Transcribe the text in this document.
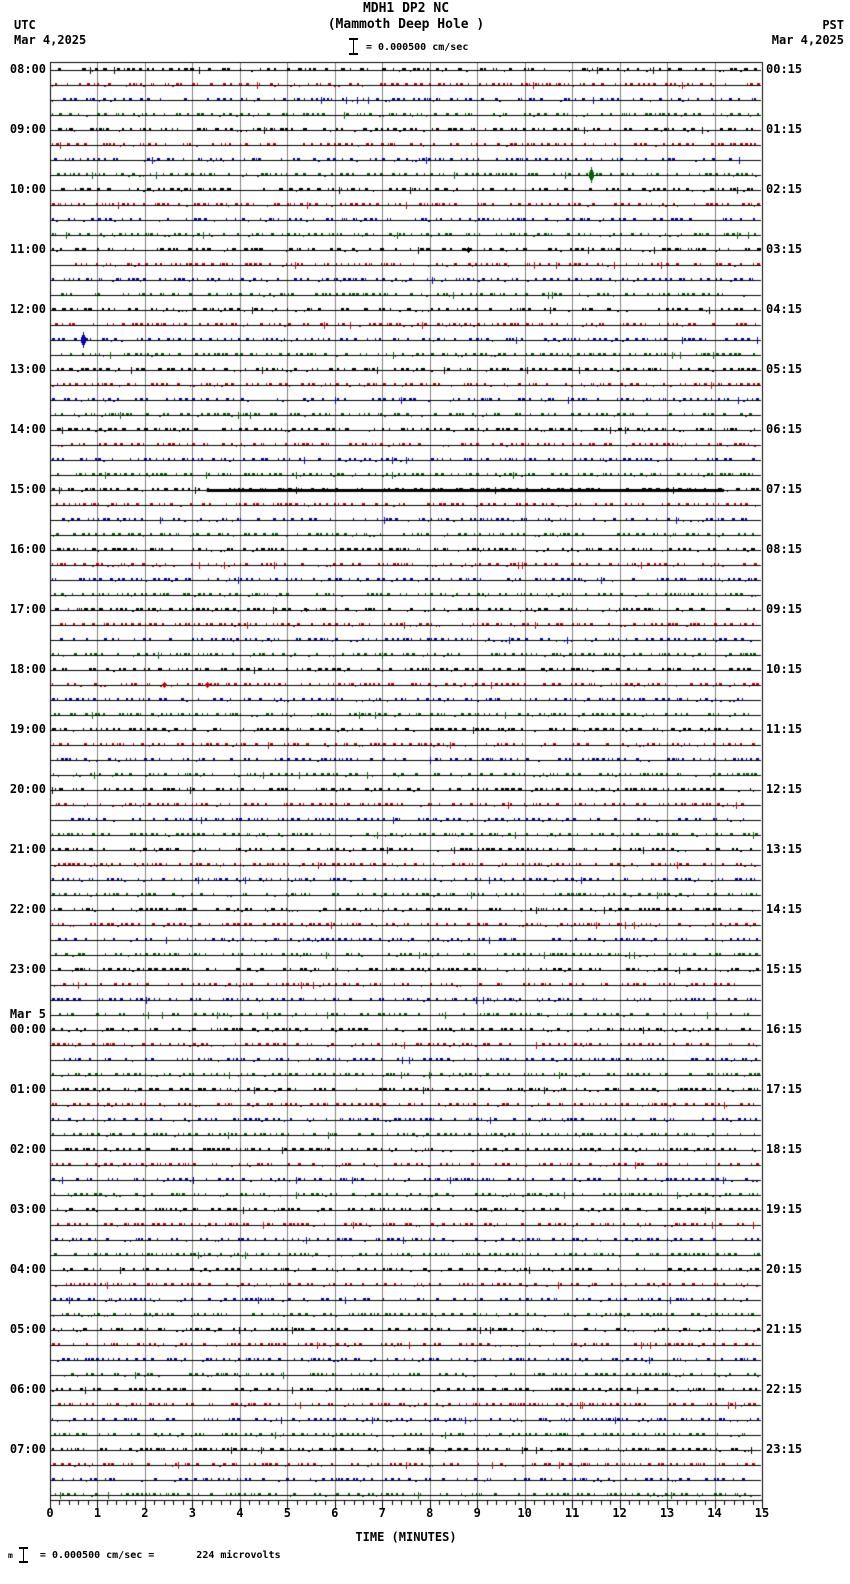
MDH1 DP2 NC
(Mammoth Deep Hole )
= 0.000500 cm/sec
UTC
Mar 4,2025
PST
Mar 4,2025
08:00
09:00
10:00
11:00
12:00
13:00
14:00
15:00
16:00
17:00
18:00
19:00
20:00
21:00
22:00
23:00
Mar 5
00:00
01:00
02:00
03:00
04:00
05:00
06:00
07:00
00:15
01:15
02:15
03:15
04:15
05:15
06:15
07:15
08:15
09:15
10:15
11:15
12:15
13:15
14:15
15:15
16:15
17:15
18:15
19:15
20:15
21:15
22:15
23:15
0	1	2	3	4	5	6	7	8	9	10	11	12	13	14	15
TIME (MINUTES)
m	= 0.000500 cm/sec =	224 microvolts
